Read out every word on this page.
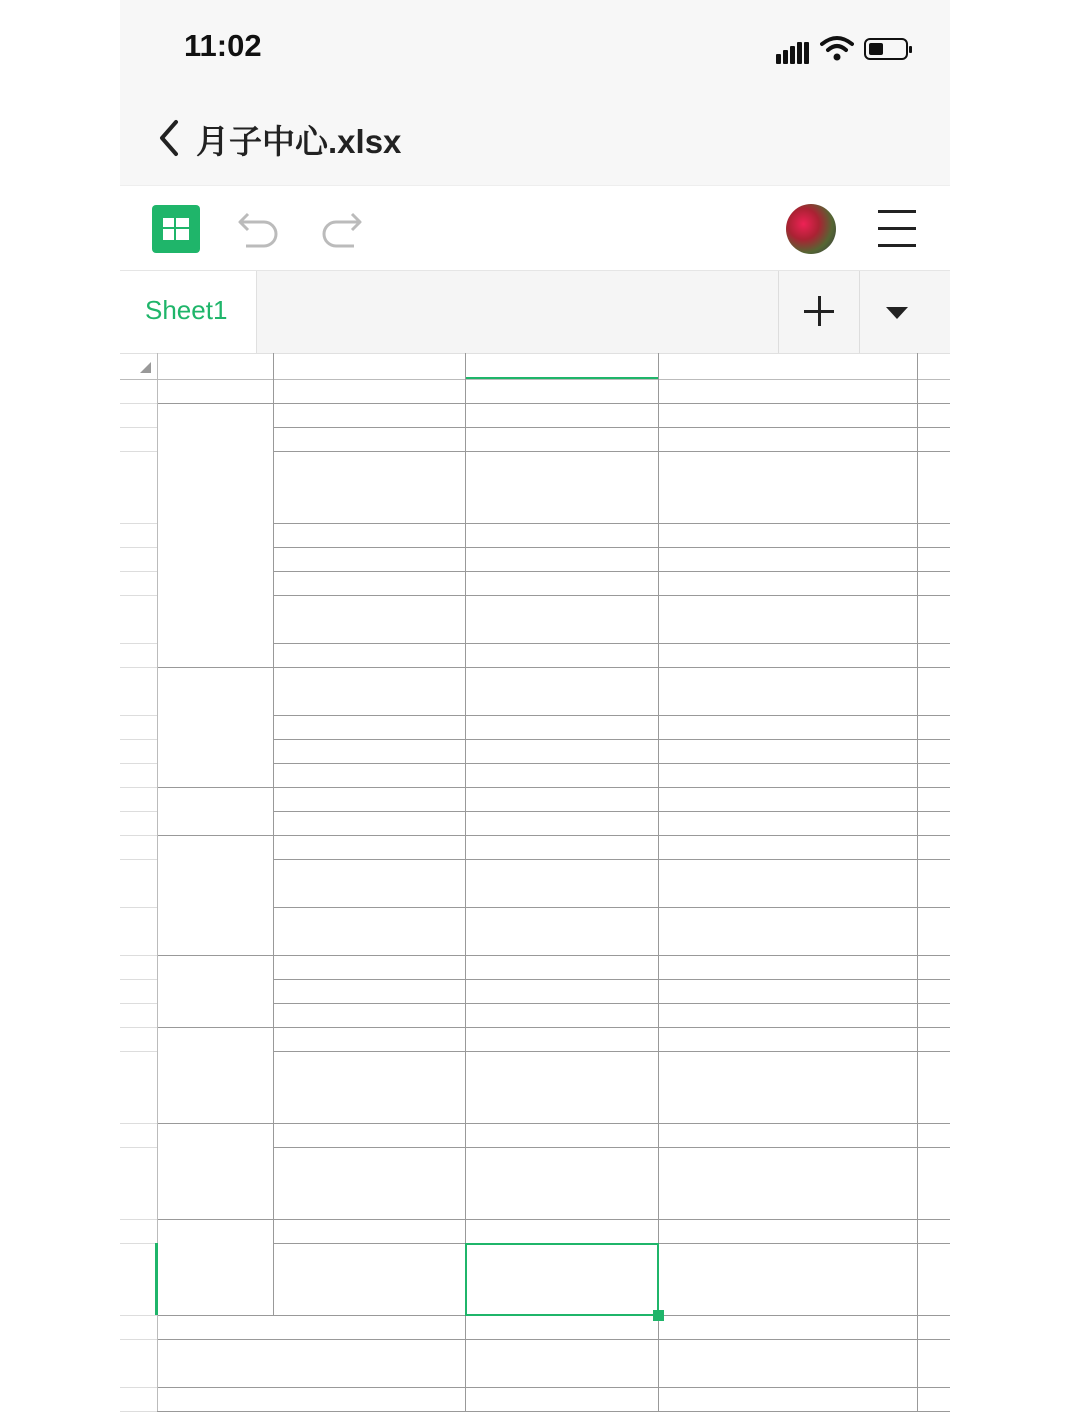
11:02
月子中心.xlsx
Sheet1
